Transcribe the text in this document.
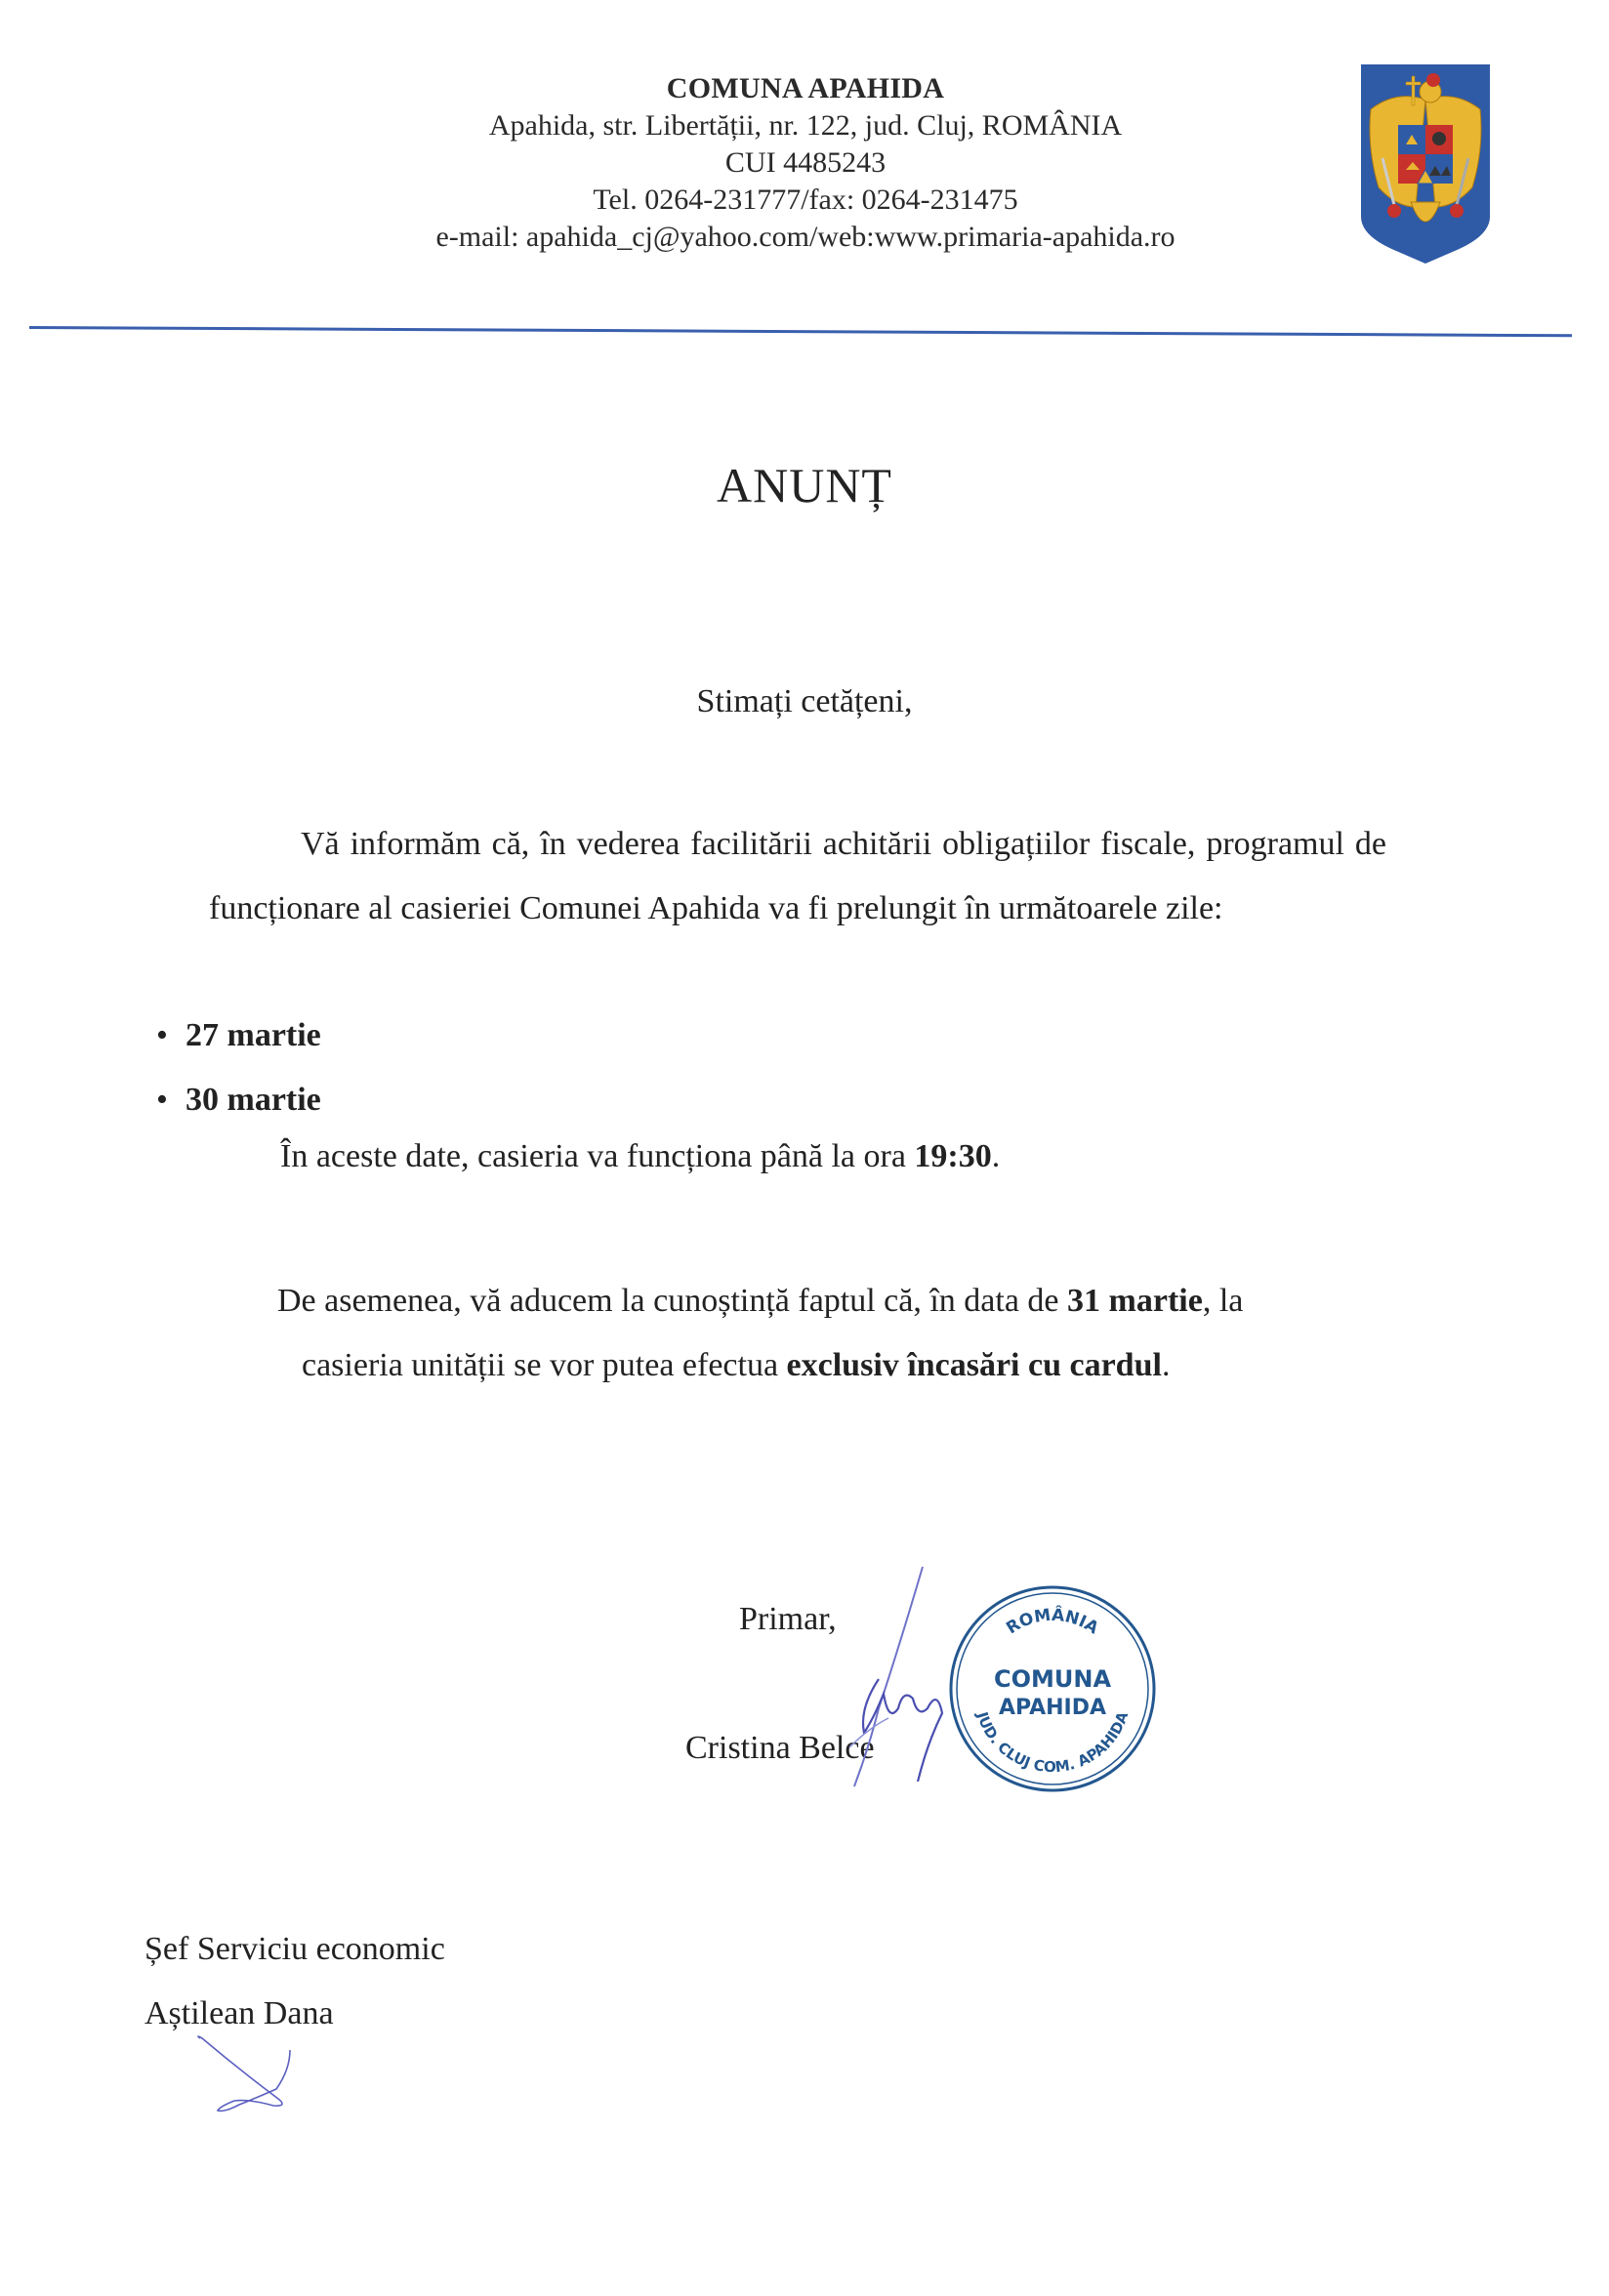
COMUNA APAHIDA
Apahida, str. Libertății, nr. 122, jud. Cluj, ROMÂNIA
CUI 4485243
Tel. 0264-231777/fax: 0264-231475
e-mail: apahida_cj@yahoo.com/web:www.primaria-apahida.ro
ANUNȚ
Stimați cetățeni,
Vă informăm că, în vederea facilitării achitării obligațiilor fiscale, programul de funcționare al casieriei Comunei Apahida va fi prelungit în următoarele zile:
• 27 martie
• 30 martie
În aceste date, casieria va funcționa până la ora 19:30.
De asemenea, vă aducem la cunoștință faptul că, în data de 31 martie, la
casieria unității se vor putea efectua exclusiv încasări cu cardul.
Primar,
Cristina Belce
ROMÂNIA
COMUNA
APAHIDA
JUD. CLUJ COM. APAHIDA
Șef Serviciu economic
Aștilean Dana
